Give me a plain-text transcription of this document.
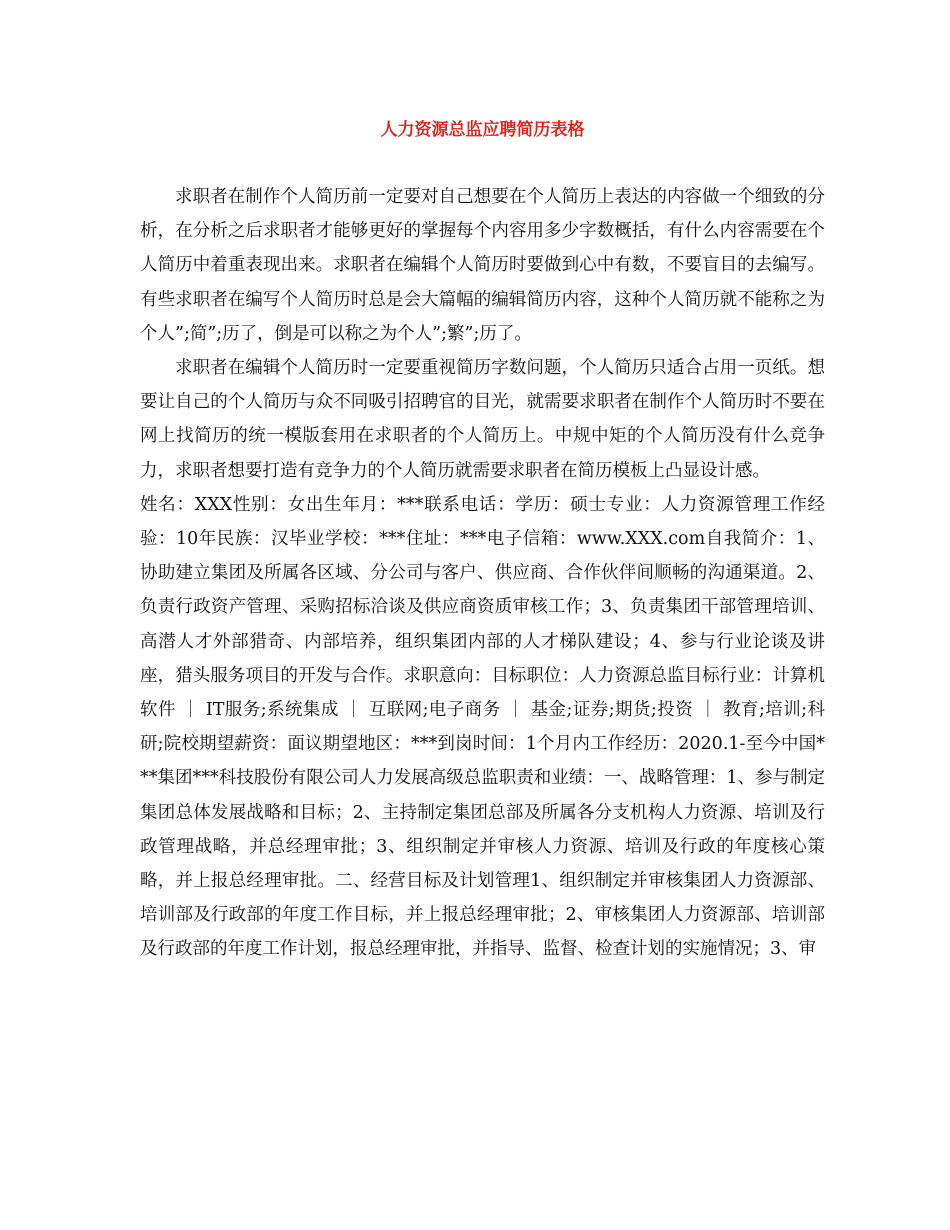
人力资源总监应聘简历表格

求职者在制作个人简历前一定要对自己想要在个人简历上表达的内容做一个细致的分析，在分析之后求职者才能够更好的掌握每个内容用多少字数概括，有什么内容需要在个人简历中着重表现出来。求职者在编辑个人简历时要做到心中有数，不要盲目的去编写。有些求职者在编写个人简历时总是会大篇幅的编辑简历内容，这种个人简历就不能称之为个人”;简”;历了，倒是可以称之为个人”;繁”;历了。

求职者在编辑个人简历时一定要重视简历字数问题，个人简历只适合占用一页纸。想要让自己的个人简历与众不同吸引招聘官的目光，就需要求职者在制作个人简历时不要在网上找简历的统一模版套用在求职者的个人简历上。中规中矩的个人简历没有什么竞争力，求职者想要打造有竞争力的个人简历就需要求职者在简历模板上凸显设计感。

姓名：XXX性别：女出生年月：***联系电话：学历：硕士专业：人力资源管理工作经验：10年民族：汉毕业学校：***住址：***电子信箱：www.XXX.com自我简介：1、协助建立集团及所属各区域、分公司与客户、供应商、合作伙伴间顺畅的沟通渠道。2、负责行政资产管理、采购招标洽谈及供应商资质审核工作；3、负责集团干部管理培训、高潜人才外部猎奇、内部培养，组织集团内部的人才梯队建设；4、参与行业论谈及讲座，猎头服务项目的开发与合作。求职意向：目标职位：人力资源总监目标行业：计算机软件 ｜ IT服务;系统集成 ｜ 互联网;电子商务 ｜ 基金;证券;期货;投资 ｜ 教育;培训;科研;院校期望薪资：面议期望地区：***到岗时间：1个月内工作经历：2020.1-至今中国***集团***科技股份有限公司人力发展高级总监职责和业绩：一、战略管理：1、参与制定集团总体发展战略和目标；2、主持制定集团总部及所属各分支机构人力资源、培训及行政管理战略，并总经理审批；3、组织制定并审核人力资源、培训及行政的年度核心策略，并上报总经理审批。二、经营目标及计划管理1、组织制定并审核集团人力资源部、培训部及行政部的年度工作目标，并上报总经理审批；2、审核集团人力资源部、培训部及行政部的年度工作计划，报总经理审批，并指导、监督、检查计划的实施情况；3、审
